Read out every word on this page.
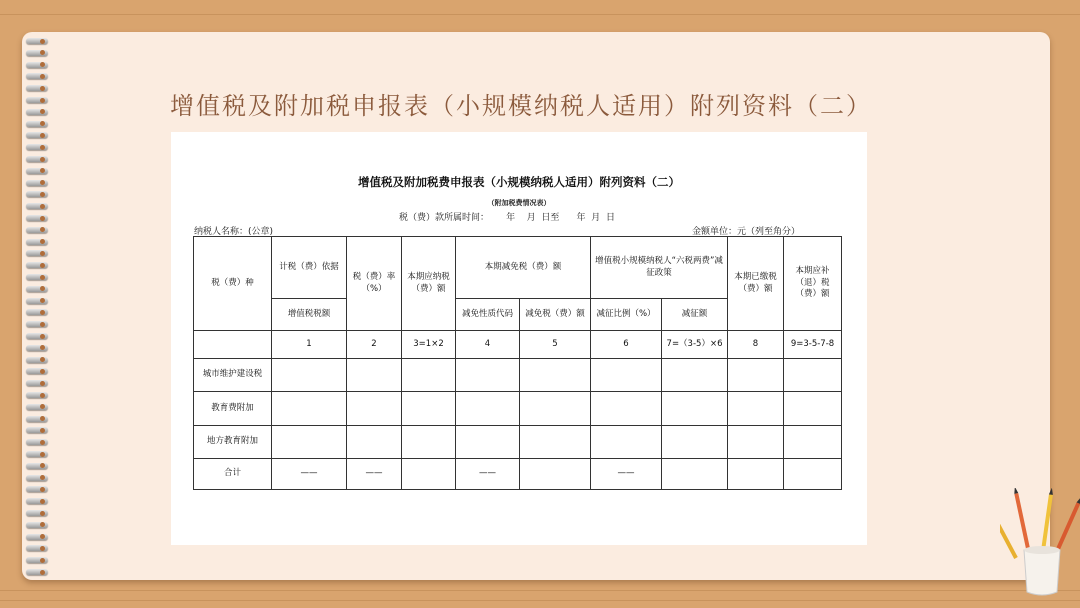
增值税及附加税申报表（小规模纳税人适用）附列资料（二）
增值税及附加税费申报表（小规模纳税人适用）附列资料（二）
（附加税费情况表）
税（费）款所属时间：      年    月  日至      年  月  日
纳税人名称：(公章)	金额单位：元（列至角分）
税（费）种	计税（费）依据	税（费）率（%）	本期应纳税（费）额	本期减免税（费）额		增值税小规模纳税人“六税两费”减征政策		本期已缴税（费）额	本期应补（退）税（费）额
	增值税税额			减免性质代码	减免税（费）额	减征比例（%）	减征额		
	1	2	3=1×2	4	5	6	7=（3-5）×6	8	9=3-5-7-8
城市维护建设税									
教育费附加									
地方教育附加									
合计	——	——		——		——			
